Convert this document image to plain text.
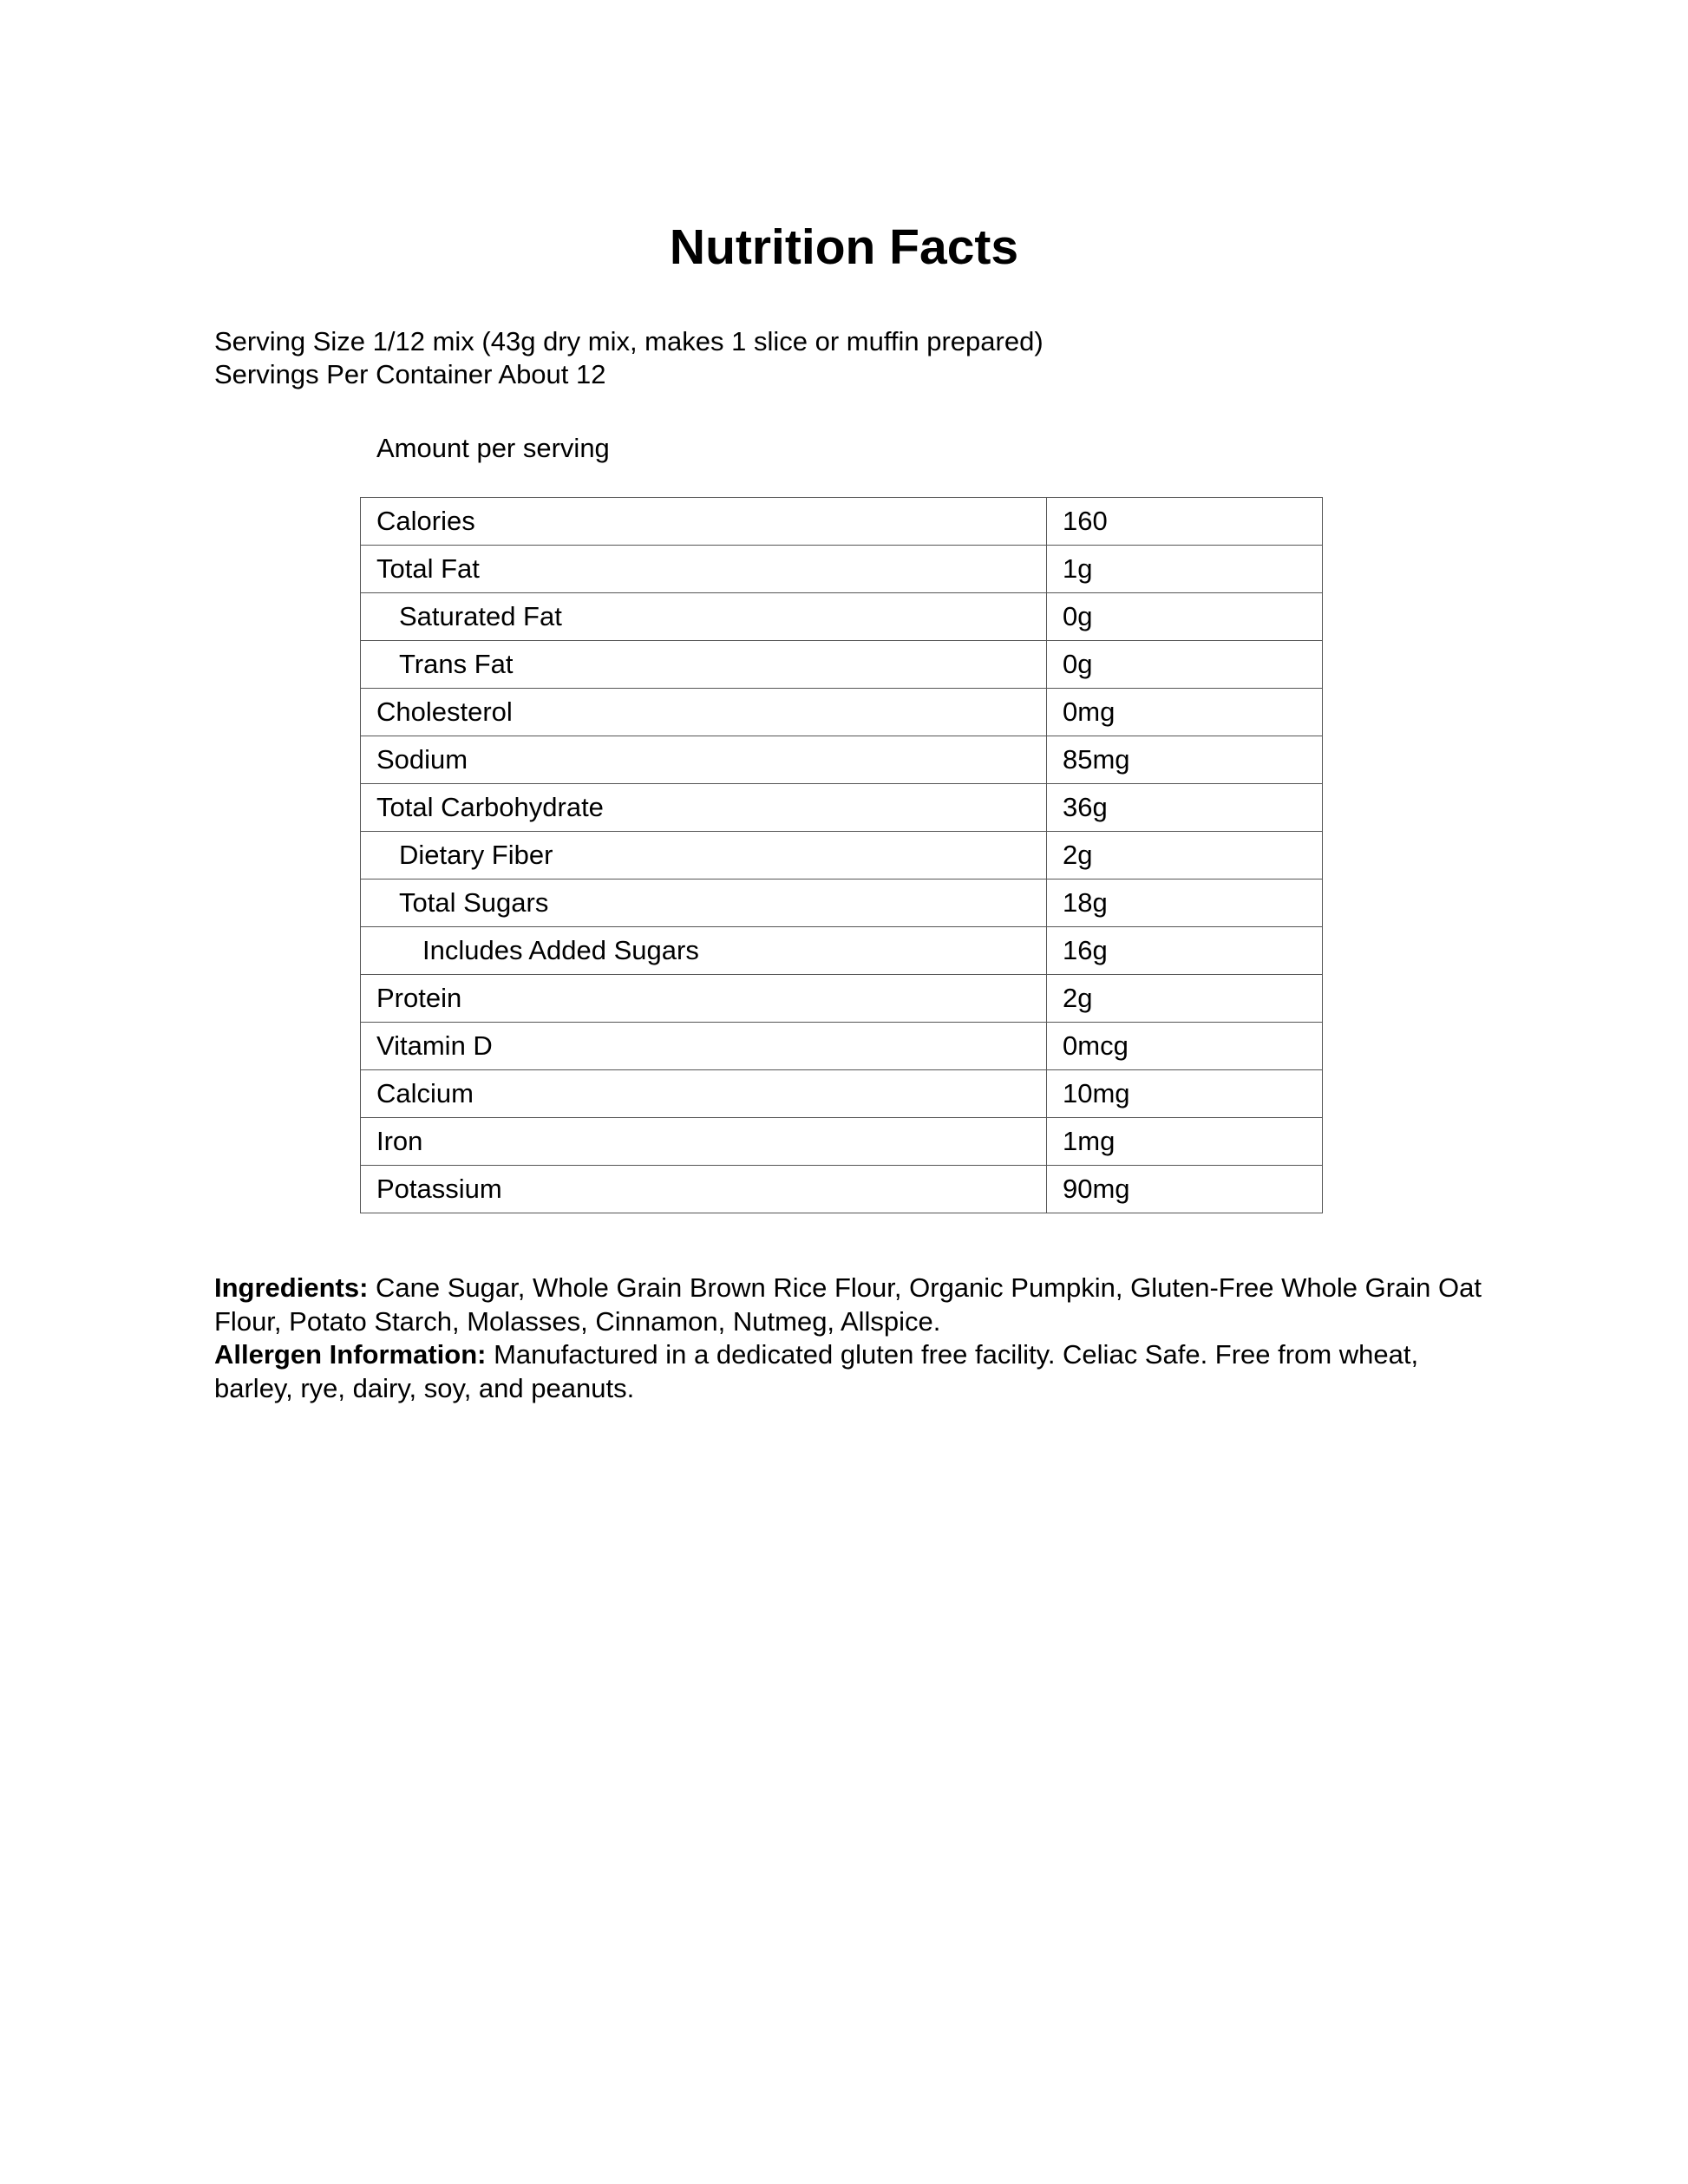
Nutrition Facts
Serving Size 1/12 mix (43g dry mix, makes 1 slice or muffin prepared)
Servings Per Container About 12
Amount per serving
Calories	160
Total Fat	1g
Saturated Fat	0g
Trans Fat	0g
Cholesterol	0mg
Sodium	85mg
Total Carbohydrate	36g
Dietary Fiber	2g
Total Sugars	18g
Includes Added Sugars	16g
Protein	2g
Vitamin D	0mcg
Calcium	10mg
Iron	1mg
Potassium	90mg
Ingredients: Cane Sugar, Whole Grain Brown Rice Flour, Organic Pumpkin, Gluten-Free Whole Grain Oat Flour, Potato Starch, Molasses, Cinnamon, Nutmeg, Allspice.
Allergen Information: Manufactured in a dedicated gluten free facility. Celiac Safe. Free from wheat, barley, rye, dairy, soy, and peanuts.
